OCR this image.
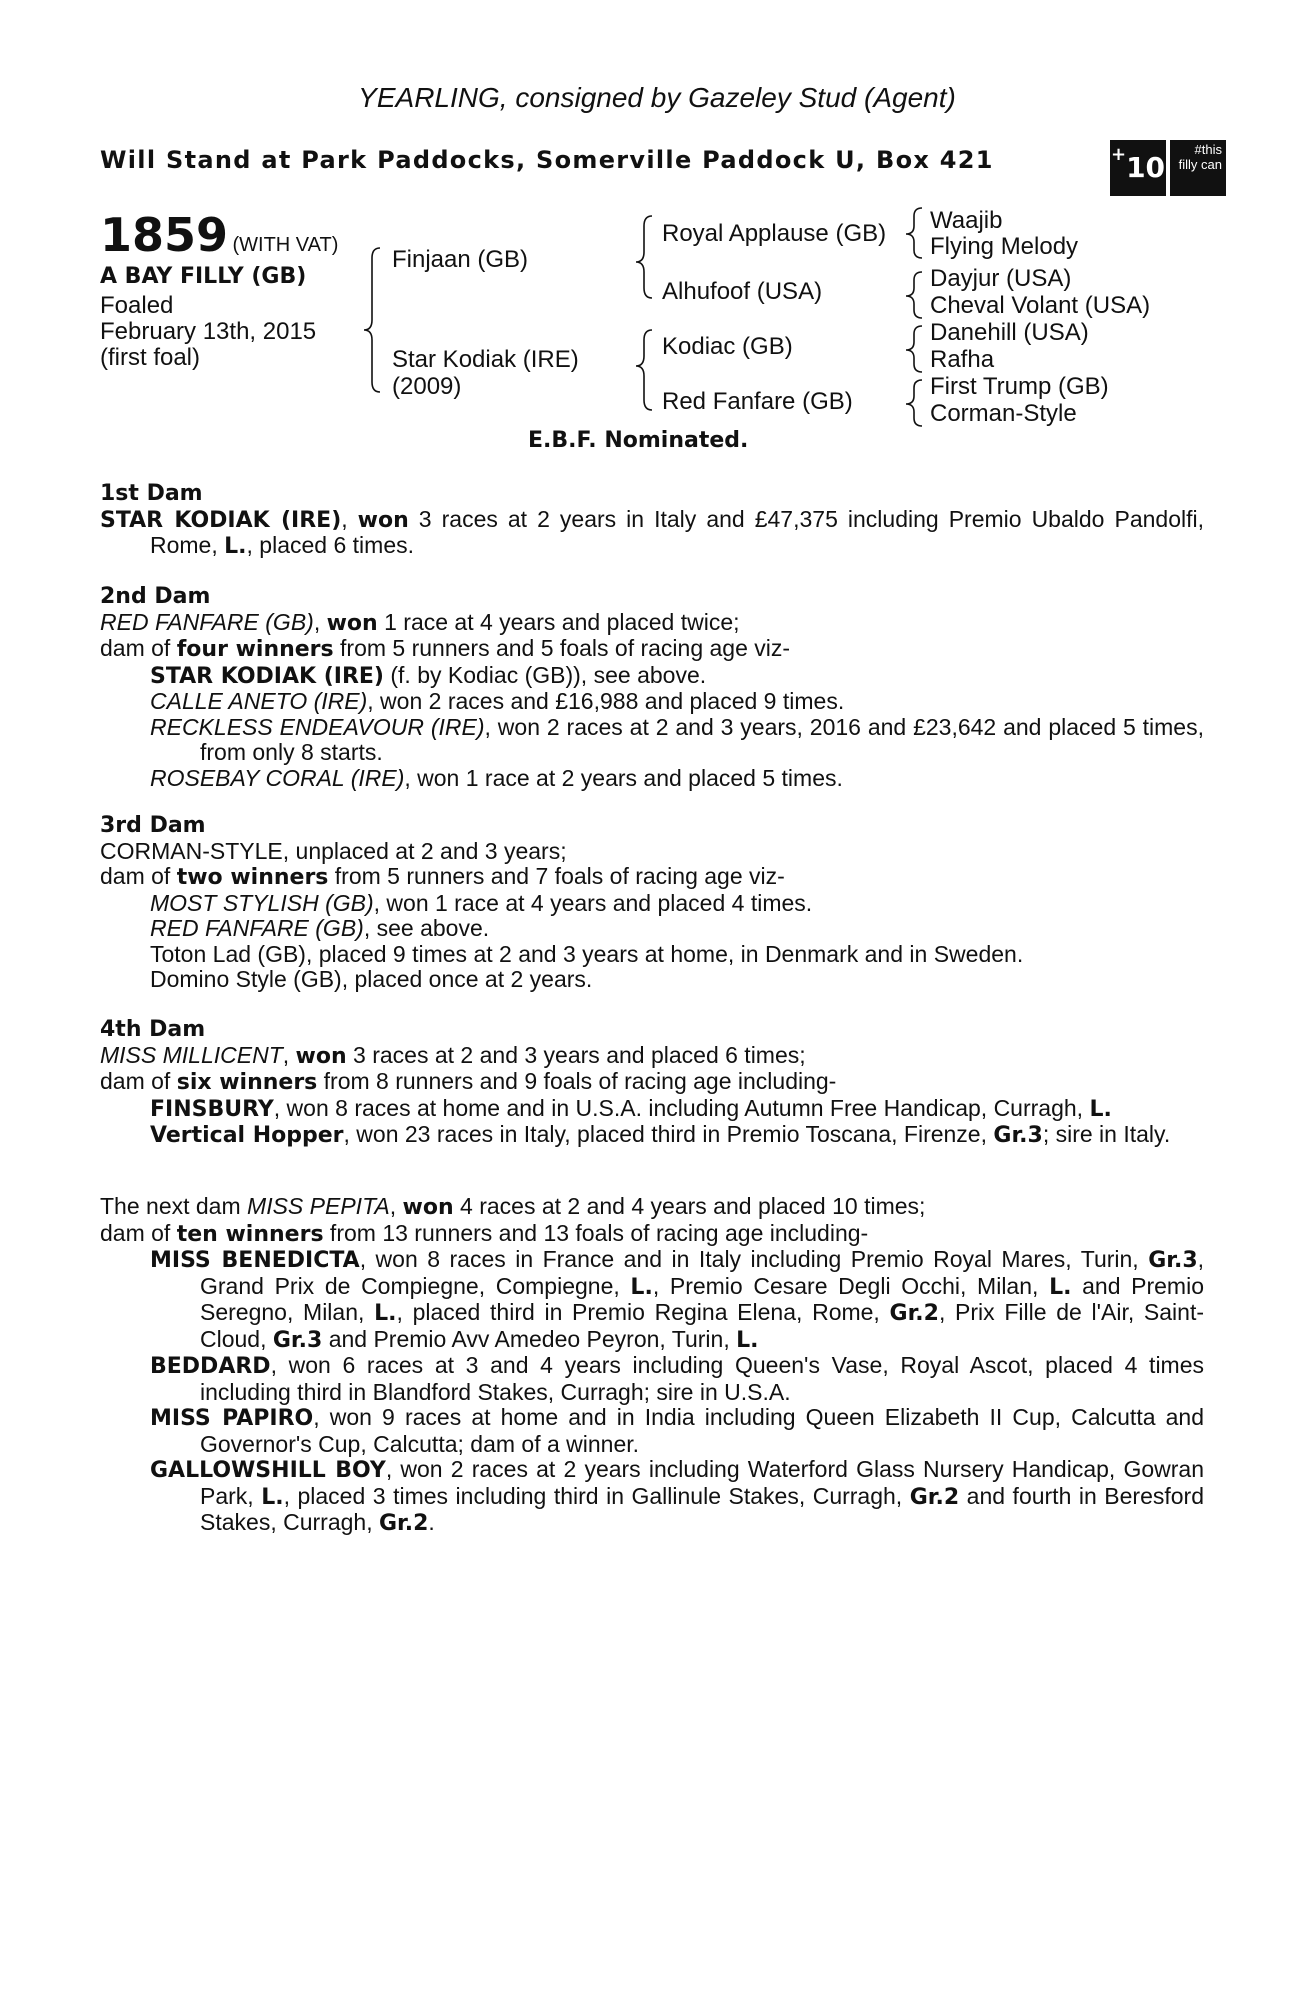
YEARLING, consigned by Gazeley Stud (Agent)
Will Stand at Park Paddocks, Somerville Paddock U, Box 421	+10
#this filly can
1859 (WITH VAT)
A BAY FILLY (GB)
Foaled
February 13th, 2015
(first foal)
Finjaan (GB)
Star Kodiak (IRE)
(2009)
Royal Applause (GB)
Alhufoof (USA)
Kodiac (GB)
Red Fanfare (GB)
Waajib
Flying Melody
Dayjur (USA)
Cheval Volant (USA)
Danehill (USA)
Rafha
First Trump (GB)
Corman-Style
E.B.F. Nominated.

1st Dam

STAR KODIAK (IRE), won 3 races at 2 years in Italy and £47,375 including Premio Ubaldo Pandolfi, Rome, L., placed 6 times.

2nd Dam

RED FANFARE (GB), won 1 race at 4 years and placed twice;

dam of four winners from 5 runners and 5 foals of racing age viz-

STAR KODIAK (IRE) (f. by Kodiac (GB)), see above.

CALLE ANETO (IRE), won 2 races and £16,988 and placed 9 times.

RECKLESS ENDEAVOUR (IRE), won 2 races at 2 and 3 years, 2016 and £23,642 and placed 5 times, from only 8 starts.

ROSEBAY CORAL (IRE), won 1 race at 2 years and placed 5 times.

3rd Dam

CORMAN-STYLE, unplaced at 2 and 3 years;

dam of two winners from 5 runners and 7 foals of racing age viz-

MOST STYLISH (GB), won 1 race at 4 years and placed 4 times.

RED FANFARE (GB), see above.

Toton Lad (GB), placed 9 times at 2 and 3 years at home, in Denmark and in Sweden.

Domino Style (GB), placed once at 2 years.

4th Dam

MISS MILLICENT, won 3 races at 2 and 3 years and placed 6 times;

dam of six winners from 8 runners and 9 foals of racing age including-

FINSBURY, won 8 races at home and in U.S.A. including Autumn Free Handicap, Curragh, L.

Vertical Hopper, won 23 races in Italy, placed third in Premio Toscana, Firenze, Gr.3; sire in Italy.

The next dam MISS PEPITA, won 4 races at 2 and 4 years and placed 10 times;

dam of ten winners from 13 runners and 13 foals of racing age including-

MISS BENEDICTA, won 8 races in France and in Italy including Premio Royal Mares, Turin, Gr.3, Grand Prix de Compiegne, Compiegne, L., Premio Cesare Degli Occhi, Milan, L. and Premio Seregno, Milan, L., placed third in Premio Regina Elena, Rome, Gr.2, Prix Fille de l'Air, Saint-Cloud, Gr.3 and Premio Avv Amedeo Peyron, Turin, L.

BEDDARD, won 6 races at 3 and 4 years including Queen's Vase, Royal Ascot, placed 4 times including third in Blandford Stakes, Curragh; sire in U.S.A.

MISS PAPIRO, won 9 races at home and in India including Queen Elizabeth II Cup, Calcutta and Governor's Cup, Calcutta; dam of a winner.

GALLOWSHILL BOY, won 2 races at 2 years including Waterford Glass Nursery Handicap, Gowran Park, L., placed 3 times including third in Gallinule Stakes, Curragh, Gr.2 and fourth in Beresford Stakes, Curragh, Gr.2.
